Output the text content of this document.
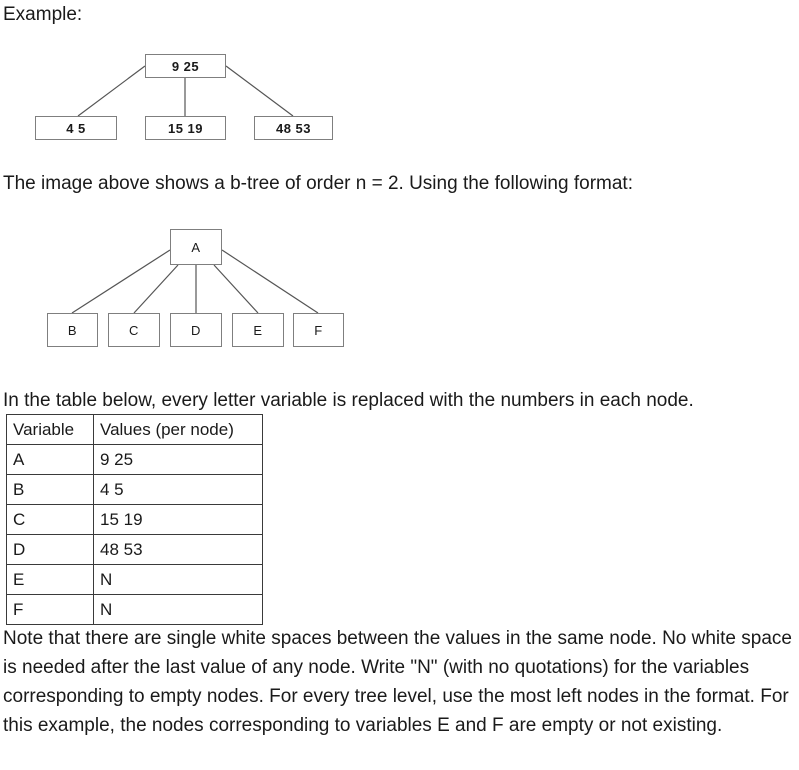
Example:
9 25
4 5	15 19	48 53
The image above shows a b-tree of order n = 2. Using the following format:
A
B	C	D	E	F
In the table below, every letter variable is replaced with the numbers in each node.
Variable	Values (per node)
A	9 25
B	4 5
C	15 19
D	48 53
E	N
F	N
Note that there are single white spaces between the values in the same node. No white space is needed after the last value of any node. Write "N" (with no quotations) for the variables corresponding to empty nodes. For every tree level, use the most left nodes in the format. For this example, the nodes corresponding to variables E and F are empty or not existing.
